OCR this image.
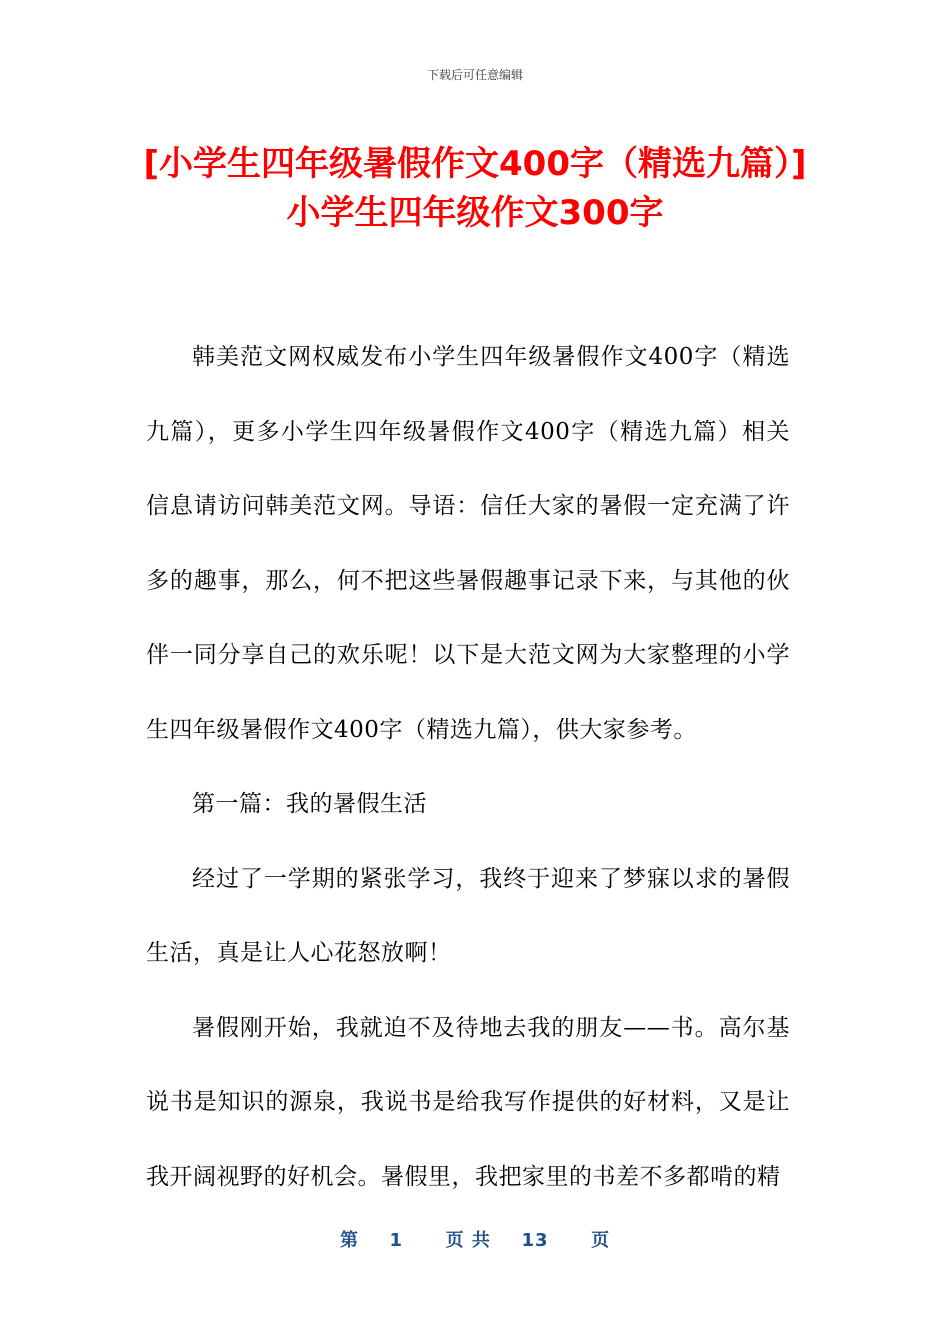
下载后可任意编辑
[小学生四年级暑假作文400字（精选九篇）]小学生四年级作文300字

韩美范文网权威发布小学生四年级暑假作文400字（精选九篇），更多小学生四年级暑假作文400字（精选九篇）相关信息请访问韩美范文网。导语：信任大家的暑假一定充满了许多的趣事，那么，何不把这些暑假趣事记录下来，与其他的伙伴一同分享自己的欢乐呢！以下是大范文网为大家整理的小学生四年级暑假作文400字（精选九篇），供大家参考。

第一篇：我的暑假生活

经过了一学期的紧张学习，我终于迎来了梦寐以求的暑假生活，真是让人心花怒放啊！

暑假刚开始，我就迫不及待地去我的朋友——书。高尔基说书是知识的源泉，我说书是给我写作提供的好材料，又是让我开阔视野的好机会。暑假里，我把家里的书差不多都啃的精

第 1 页 共 13 页
